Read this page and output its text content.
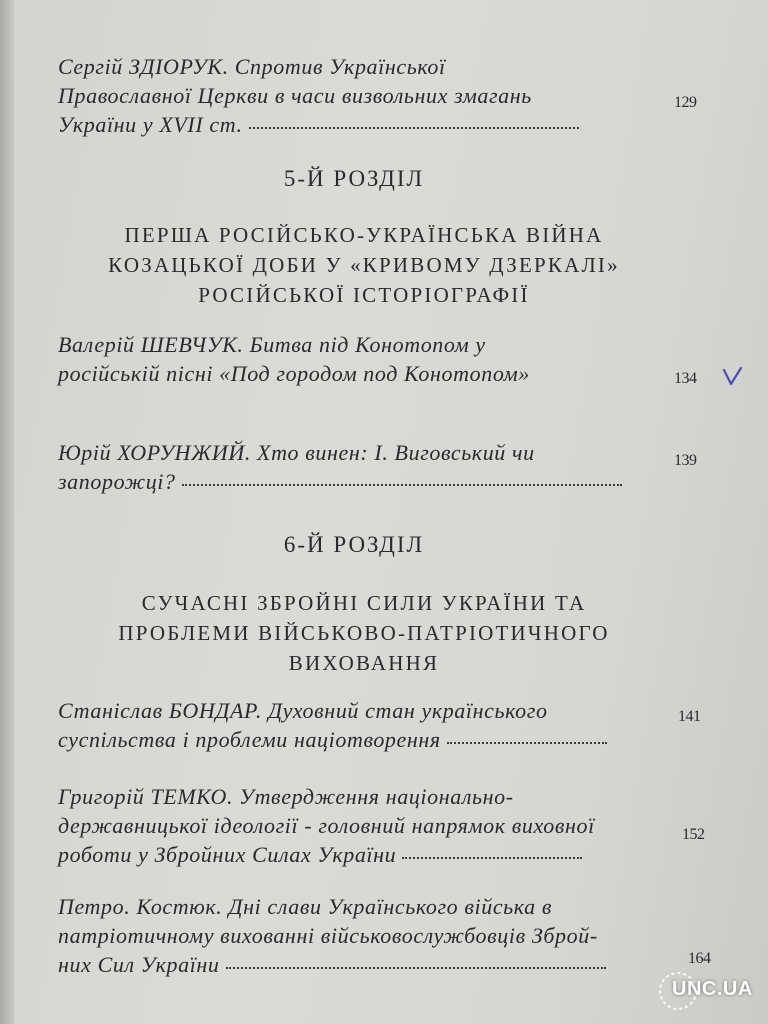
Сергій ЗДІОРУК. Спротив Української
Православної Церкви в часи визвольних змагань
України у XVII ст.
129
5-Й РОЗДІЛ
ПЕРША РОСІЙСЬКО-УКРАЇНСЬКА ВІЙНА
КОЗАЦЬКОЇ ДОБИ У «КРИВОМУ ДЗЕРКАЛІ»
РОСІЙСЬКОЇ ІСТОРІОГРАФІЇ
Валерій ШЕВЧУК. Битва під Конотопом у
російській пісні «Под городом под Конотопом»	134
Юрій ХОРУНЖИЙ. Хто винен: І. Виговський чи
запорожці?
139
6-Й РОЗДІЛ
СУЧАСНІ ЗБРОЙНІ СИЛИ УКРАЇНИ ТА
ПРОБЛЕМИ ВІЙСЬКОВО-ПАТРІОТИЧНОГО
ВИХОВАННЯ
Станіслав БОНДАР. Духовний стан українського
суспільства і проблеми націотворення
141
Григорій ТЕМКО. Утвердження національно-
державницької ідеології - головний напрямок виховної
роботи у Збройних Силах України
152
Петро. Костюк. Дні слави Українського війська в
патріотичному вихованні військовослужбовців Збрoй-
них Сил України	164
UNC.UA
